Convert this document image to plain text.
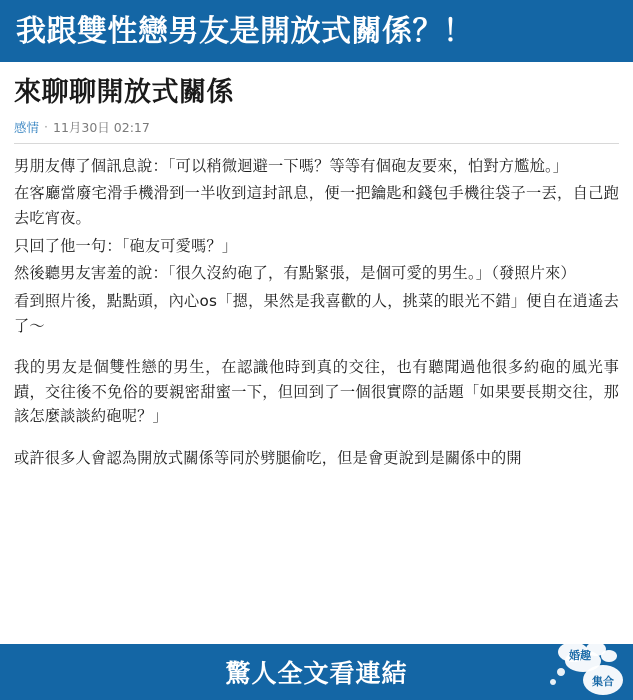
我跟雙性戀男友是開放式關係？！
來聊聊開放式關係
感情 · 11月30日 02:17

男朋友傳了個訊息說：「可以稍微迴避一下嗎？等等有個砲友要來，怕對方尷尬。」

在客廳當廢宅滑手機滑到一半收到這封訊息，便一把鑰匙和錢包手機往袋子一丟，自己跑去吃宵夜。

只回了他一句：「砲友可愛嗎？」

然後聽男友害羞的說：「很久沒約砲了，有點緊張，是個可愛的男生。」（發照片來）

看到照片後，點點頭，內心os「摁，果然是我喜歡的人，挑菜的眼光不錯」便自在逍遙去了～

我的男友是個雙性戀的男生，在認識他時到真的交往，也有聽聞過他很多約砲的風光事蹟，交往後不免俗的要親密甜蜜一下，但回到了一個很實際的話題「如果要長期交往，那該怎麼談談約砲呢？」

或許很多人會認為開放式關係等同於劈腿偷吃，但是會更說到是關係中的開

驚人全文看連結
婚趣
集合
